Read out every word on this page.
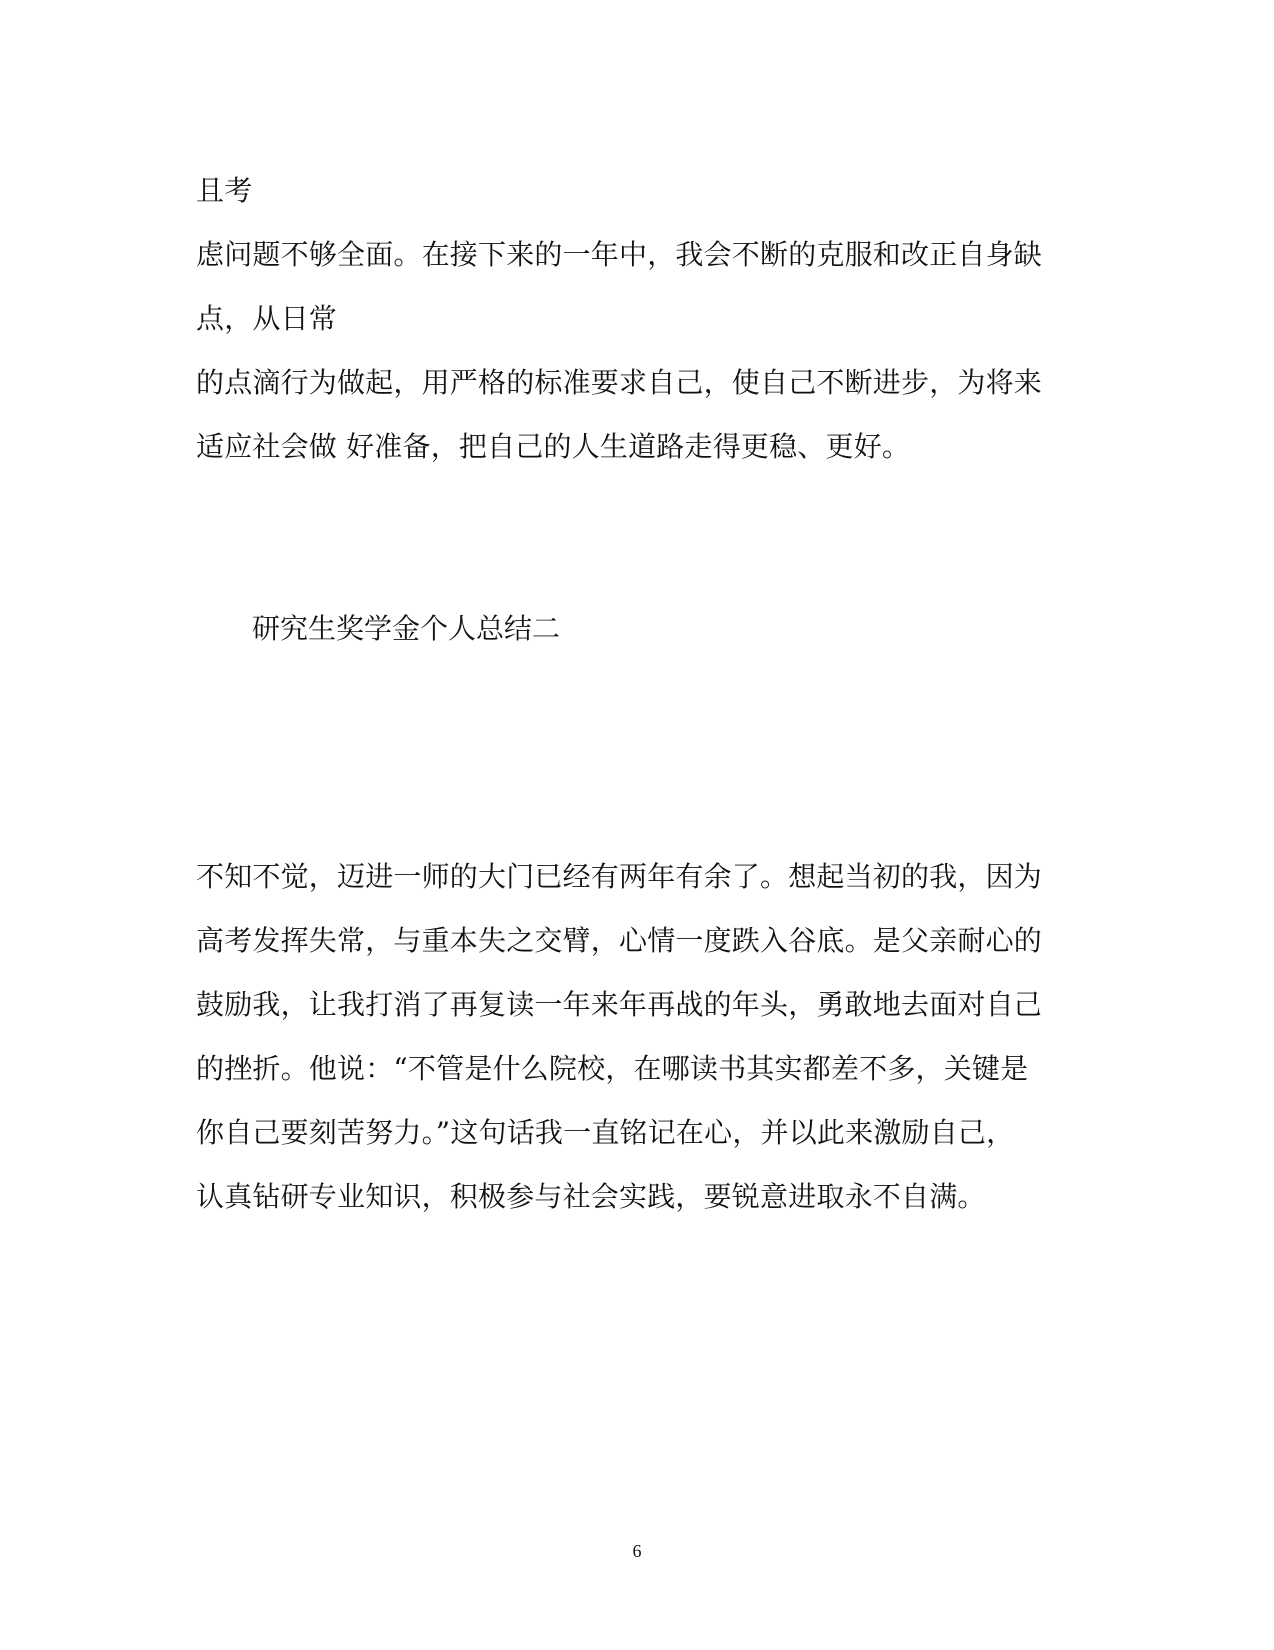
且考

虑问题不够全面。在接下来的一年中，我会不断的克服和改正自身缺

点，从日常

的点滴行为做起，用严格的标准要求自己，使自己不断进步，为将来

适应社会做 好准备，把自己的人生道路走得更稳、更好。

研究生奖学金个人总结二

不知不觉，迈进一师的大门已经有两年有余了。想起当初的我，因为

高考发挥失常，与重本失之交臂，心情一度跌入谷底。是父亲耐心的

鼓励我，让我打消了再复读一年来年再战的年头，勇敢地去面对自己

的挫折。他说：“不管是什么院校，在哪读书其实都差不多，关键是

你自己要刻苦努力。”这句话我一直铭记在心，并以此来激励自己，

认真钻研专业知识，积极参与社会实践，要锐意进取永不自满。

6
